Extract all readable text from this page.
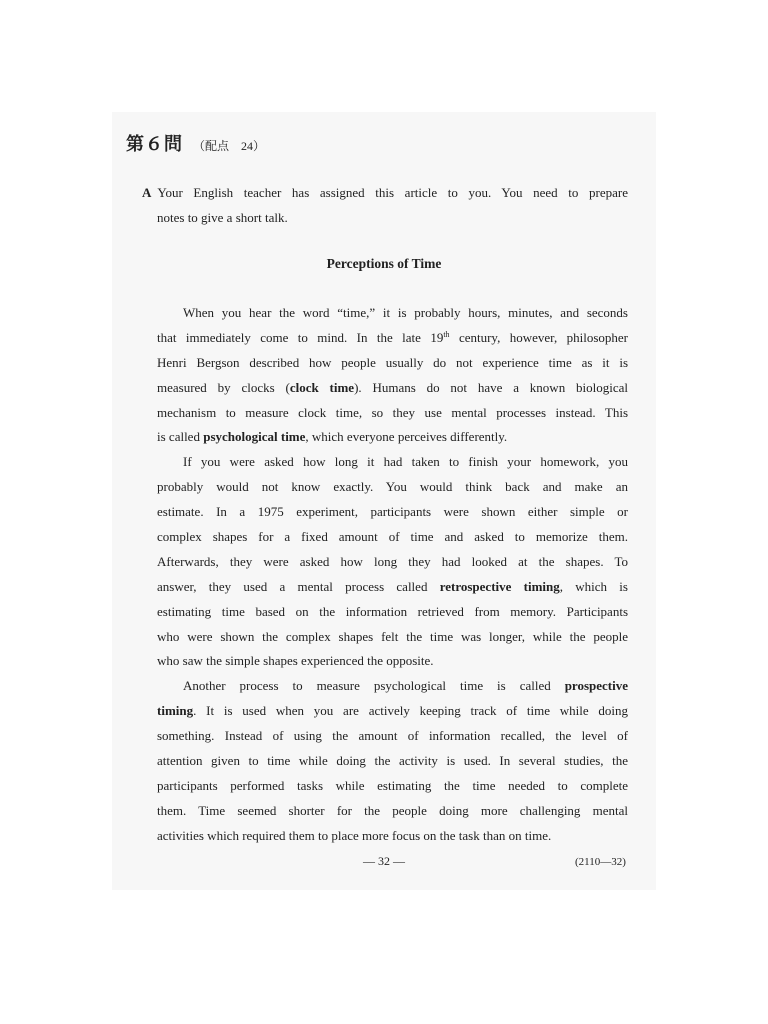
第６問 （配点　24）
A Your English teacher has assigned this article to you. You need to prepare
notes to give a short talk.
Perceptions of Time
When you hear the word “time,” it is probably hours, minutes, and seconds
that immediately come to mind. In the late 19th century, however, philosopher
Henri Bergson described how people usually do not experience time as it is
measured by clocks (clock time). Humans do not have a known biological
mechanism to measure clock time, so they use mental processes instead. This
is called psychological time, which everyone perceives differently.
If you were asked how long it had taken to finish your homework, you
probably would not know exactly. You would think back and make an
estimate. In a 1975 experiment, participants were shown either simple or
complex shapes for a fixed amount of time and asked to memorize them.
Afterwards, they were asked how long they had looked at the shapes. To
answer, they used a mental process called retrospective timing, which is
estimating time based on the information retrieved from memory. Participants
who were shown the complex shapes felt the time was longer, while the people
who saw the simple shapes experienced the opposite.
Another process to measure psychological time is called prospective
timing. It is used when you are actively keeping track of time while doing
something. Instead of using the amount of information recalled, the level of
attention given to time while doing the activity is used. In several studies, the
participants performed tasks while estimating the time needed to complete
them. Time seemed shorter for the people doing more challenging mental
activities which required them to place more focus on the task than on time.
— 32 —	(2110—32)
